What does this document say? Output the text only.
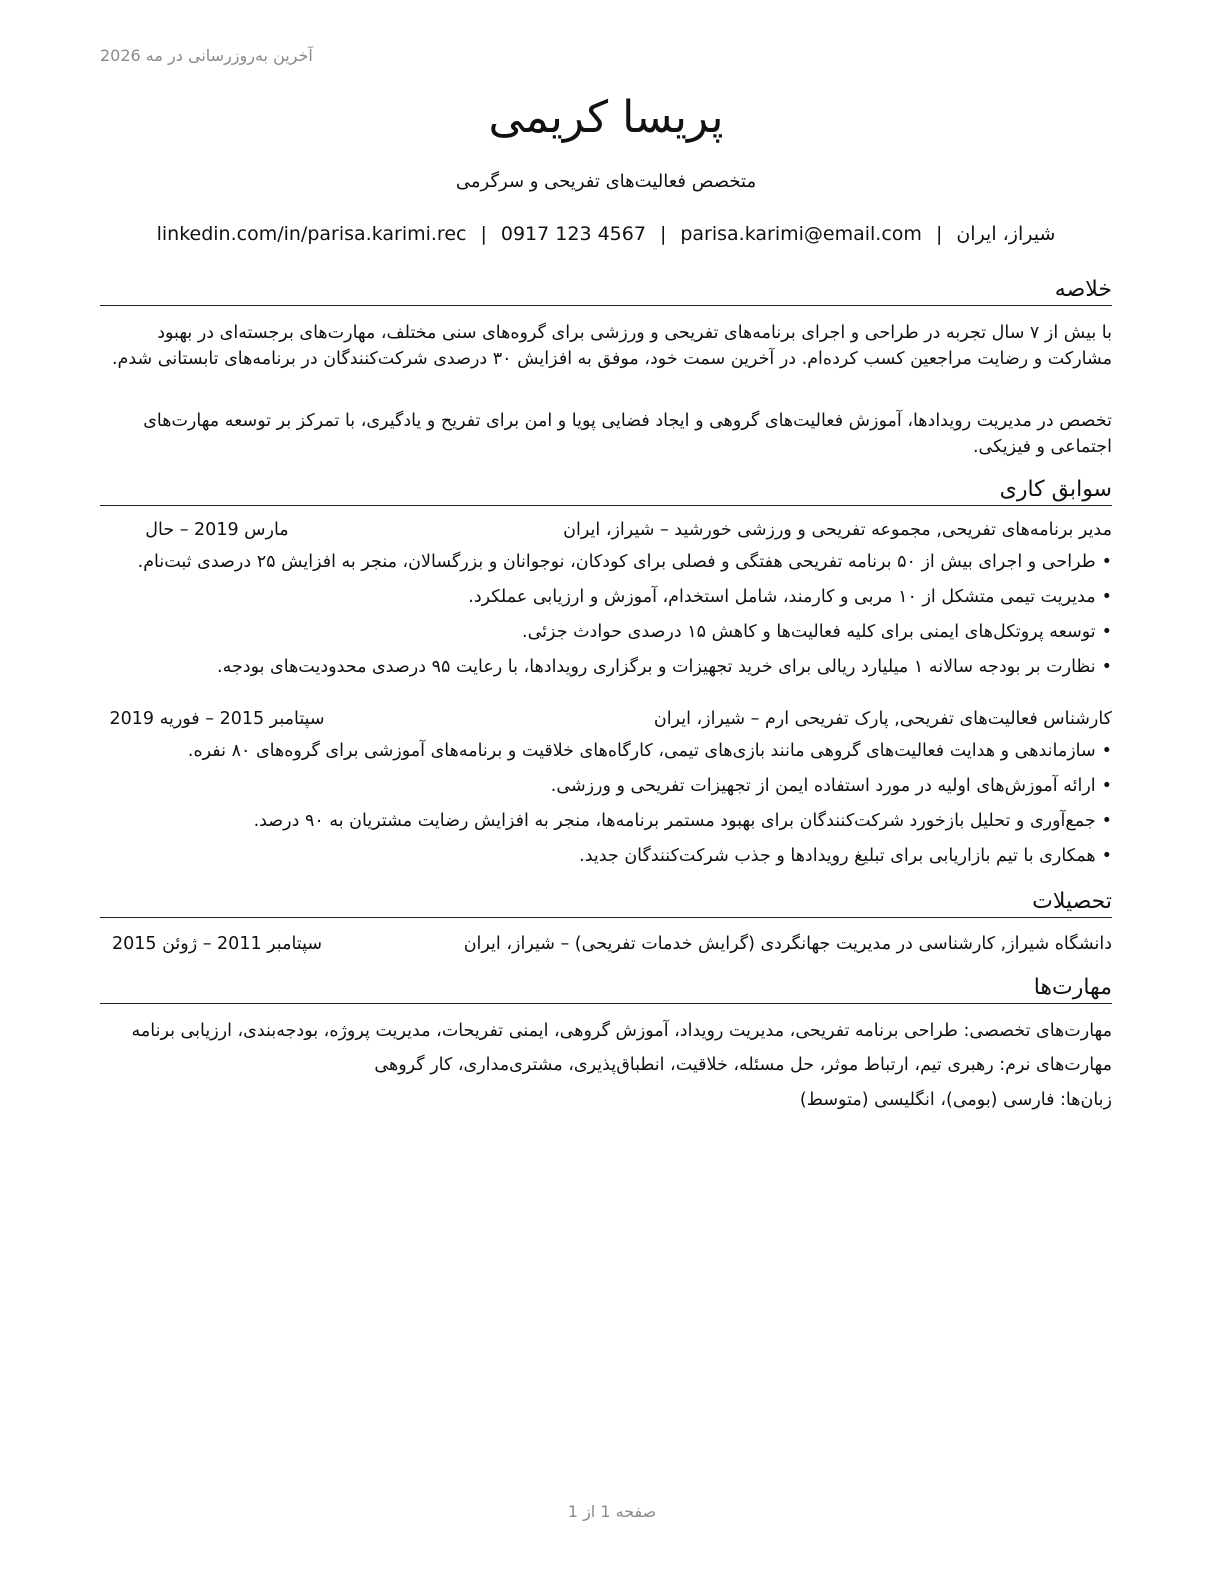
آخرین به‌روزرسانی در مه 2026
پریسا کریمی
متخصص فعالیت‌های تفریحی و سرگرمی
شیراز، ایران|parisa.karimi@email.com|0917 123 4567|linkedin.com/in/parisa.karimi.rec
خلاصه
با بیش از ۷ سال تجربه در طراحی و اجرای برنامه‌های تفریحی و ورزشی برای گروه‌های سنی مختلف، مهارت‌های برجسته‌ای در بهبود مشارکت و رضایت مراجعین کسب کرده‌ام. در آخرین سمت خود، موفق به افزایش ۳۰ درصدی شرکت‌کنندگان در برنامه‌های تابستانی شدم.
تخصص در مدیریت رویدادها، آموزش فعالیت‌های گروهی و ایجاد فضایی پویا و امن برای تفریح و یادگیری، با تمرکز بر توسعه مهارت‌های اجتماعی و فیزیکی.
سوابق کاری
مدیر برنامه‌های تفریحی, مجموعه تفریحی و ورزشی خورشید – شیراز، ایران
مارس 2019 – حال
•طراحی و اجرای بیش از ۵۰ برنامه تفریحی هفتگی و فصلی برای کودکان، نوجوانان و بزرگسالان، منجر به افزایش ۲۵ درصدی ثبت‌نام.
•مدیریت تیمی متشکل از ۱۰ مربی و کارمند، شامل استخدام، آموزش و ارزیابی عملکرد.
•توسعه پروتکل‌های ایمنی برای کلیه فعالیت‌ها و کاهش ۱۵ درصدی حوادث جزئی.
•نظارت بر بودجه سالانه ۱ میلیارد ریالی برای خرید تجهیزات و برگزاری رویدادها، با رعایت ۹۵ درصدی محدودیت‌های بودجه.
کارشناس فعالیت‌های تفریحی, پارک تفریحی ارم – شیراز، ایران
سپتامبر 2015 – فوریه 2019
•سازماندهی و هدایت فعالیت‌های گروهی مانند بازی‌های تیمی، کارگاه‌های خلاقیت و برنامه‌های آموزشی برای گروه‌های ۸۰ نفره.
•ارائه آموزش‌های اولیه در مورد استفاده ایمن از تجهیزات تفریحی و ورزشی.
•جمع‌آوری و تحلیل بازخورد شرکت‌کنندگان برای بهبود مستمر برنامه‌ها، منجر به افزایش رضایت مشتریان به ۹۰ درصد.
•همکاری با تیم بازاریابی برای تبلیغ رویدادها و جذب شرکت‌کنندگان جدید.
تحصیلات
دانشگاه شیراز, کارشناسی در مدیریت جهانگردی (گرایش خدمات تفریحی) – شیراز، ایران
سپتامبر 2011 – ژوئن 2015
مهارت‌ها
مهارت‌های تخصصی: طراحی برنامه تفریحی، مدیریت رویداد، آموزش گروهی، ایمنی تفریحات، مدیریت پروژه، بودجه‌بندی، ارزیابی برنامه
مهارت‌های نرم: رهبری تیم، ارتباط موثر، حل مسئله، خلاقیت، انطباق‌پذیری، مشتری‌مداری، کار گروهی
زبان‌ها: فارسی (بومی)، انگلیسی (متوسط)
صفحه 1 از 1
